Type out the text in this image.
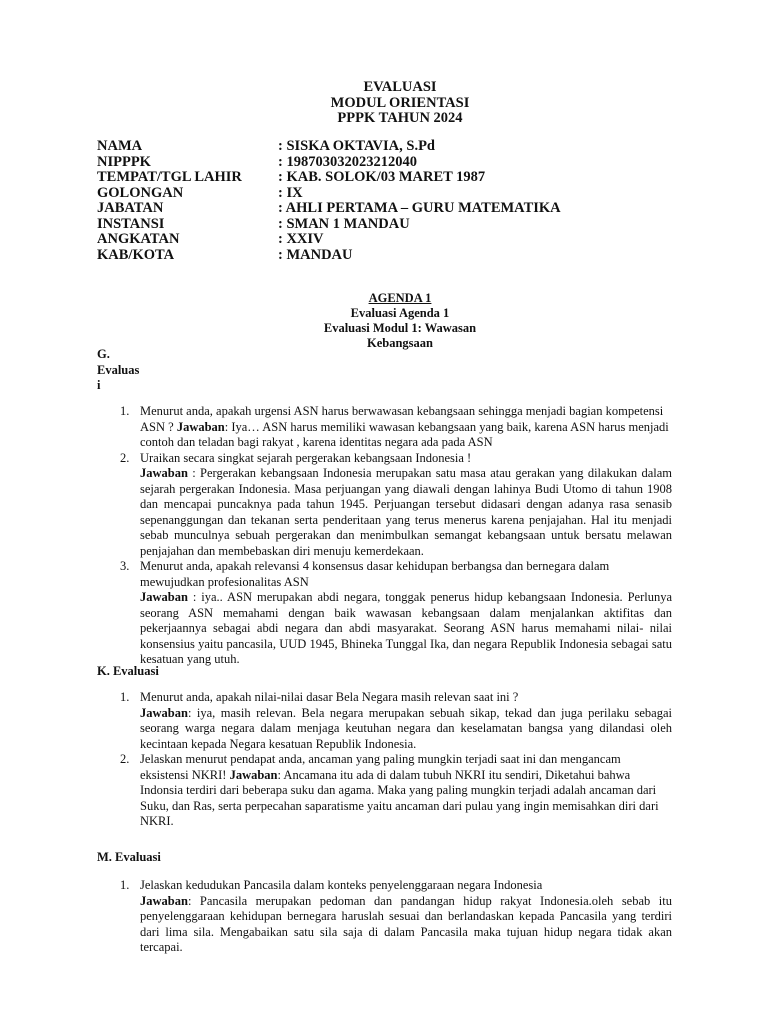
EVALUASI
MODUL ORIENTASI
PPPK TAHUN 2024
NAMA	: SISKA OKTAVIA, S.Pd
NIPPPK	: 198703032023212040
TEMPAT/TGL LAHIR	: KAB. SOLOK/03 MARET 1987
GOLONGAN	: IX
JABATAN	: AHLI PERTAMA – GURU MATEMATIKA
INSTANSI	: SMAN 1 MANDAU
ANGKATAN	: XXIV
KAB/KOTA	: MANDAU
AGENDA 1
Evaluasi Agenda 1
Evaluasi Modul 1: Wawasan
Kebangsaan
G.
Evaluas
i
1. Menurut anda, apakah urgensi ASN harus berwawasan kebangsaan sehingga menjadi bagian kompetensi ASN ? Jawaban: Iya… ASN harus memiliki wawasan kebangsaan yang baik, karena ASN harus menjadi contoh dan teladan bagi rakyat , karena identitas negara ada pada ASN
2. Uraikan secara singkat sejarah pergerakan kebangsaan Indonesia !
Jawaban : Pergerakan kebangsaan Indonesia merupakan satu masa atau gerakan yang dilakukan dalam sejarah pergerakan Indonesia. Masa perjuangan yang diawali dengan lahinya Budi Utomo di tahun 1908 dan mencapai puncaknya pada tahun 1945. Perjuangan tersebut didasari dengan adanya rasa senasib sepenanggungan dan tekanan serta penderitaan yang terus menerus karena penjajahan. Hal itu menjadi sebab munculnya sebuah pergerakan dan menimbulkan semangat kebangsaan untuk bersatu melawan penjajahan dan membebaskan diri menuju kemerdekaan.
3. Menurut anda, apakah relevansi 4 konsensus dasar kehidupan berbangsa dan bernegara dalam mewujudkan profesionalitas ASN
Jawaban : iya.. ASN merupakan abdi negara, tonggak penerus hidup kebangsaan Indonesia. Perlunya seorang ASN memahami dengan baik wawasan kebangsaan dalam menjalankan aktifitas dan pekerjaannya sebagai abdi negara dan abdi masyarakat. Seorang ASN harus memahami nilai- nilai konsensius yaitu pancasila, UUD 1945, Bhineka Tunggal Ika, dan negara Republik Indonesia sebagai satu kesatuan yang utuh.
K. Evaluasi
1. Menurut anda, apakah nilai-nilai dasar Bela Negara masih relevan saat ini ?
Jawaban: iya, masih relevan. Bela negara merupakan sebuah sikap, tekad dan juga perilaku sebagai seorang warga negara dalam menjaga keutuhan negara dan keselamatan bangsa yang dilandasi oleh kecintaan kepada Negara kesatuan Republik Indonesia.
2. Jelaskan menurut pendapat anda, ancaman yang paling mungkin terjadi saat ini dan mengancam eksistensi NKRI! Jawaban: Ancamana itu ada di dalam tubuh NKRI itu sendiri, Diketahui bahwa Indonsia terdiri dari beberapa suku dan agama. Maka yang paling mungkin terjadi adalah ancaman dari Suku, dan Ras, serta perpecahan saparatisme yaitu ancaman dari pulau yang ingin memisahkan diri dari NKRI.
M. Evaluasi
1. Jelaskan kedudukan Pancasila dalam konteks penyelenggaraan negara Indonesia
Jawaban: Pancasila merupakan pedoman dan pandangan hidup rakyat Indonesia.oleh sebab itu penyelenggaraan kehidupan bernegara haruslah sesuai dan berlandaskan kepada Pancasila yang terdiri dari lima sila. Mengabaikan satu sila saja di dalam Pancasila maka tujuan hidup negara tidak akan tercapai.
